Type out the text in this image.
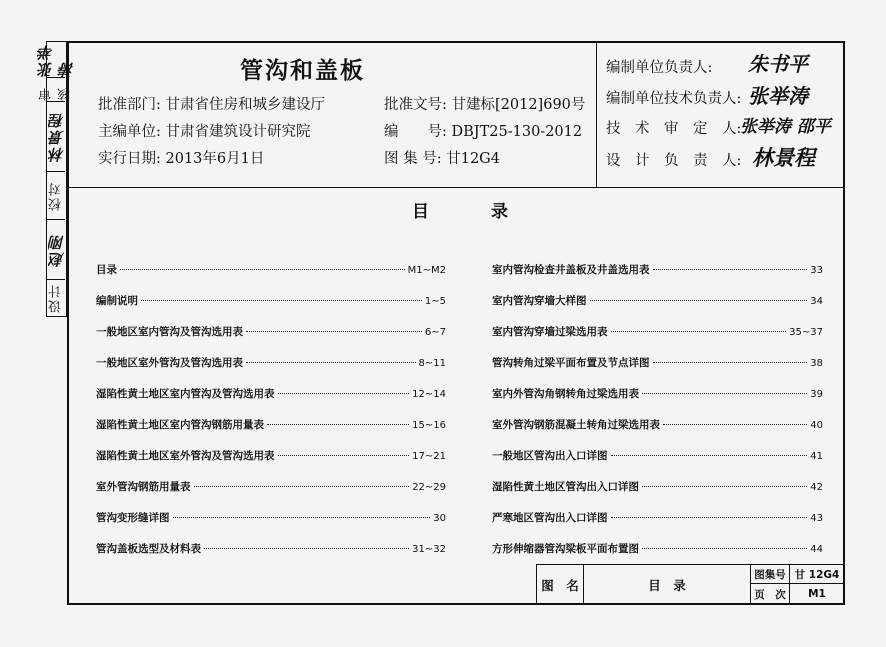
张举涛
审核
林景程
校对
赵刚
设计
管沟和盖板
批准部门: 甘肃省住房和城乡建设厅
主编单位: 甘肃省建筑设计研究院
实行日期: 2013年6月1日
批准文号: 甘建标[2012]690号
编　　号: DBJT25-130-2012
图 集 号: 甘12G4
编制单位负责人: 朱书平
编制单位技术负责人: 张举涛
技　术　审　定　人:
张举涛 邵平
设　计　负　责　人: 林景程
目录
目录	M1~M2
编制说明	1~5
一般地区室内管沟及管沟选用表	6~7
一般地区室外管沟及管沟选用表	8~11
湿陷性黄土地区室内管沟及管沟选用表	12~14
湿陷性黄土地区室内管沟钢筋用量表	15~16
湿陷性黄土地区室外管沟及管沟选用表	17~21
室外管沟钢筋用量表	22~29
管沟变形缝详图	30
管沟盖板选型及材料表	31~32
室内管沟检查井盖板及井盖选用表	33
室内管沟穿墙大样图	34
室内管沟穿墙过梁选用表	35~37
管沟转角过梁平面布置及节点详图	38
室内外管沟角钢转角过梁选用表	39
室外管沟钢筋混凝土转角过梁选用表	40
一般地区管沟出入口详图	41
湿陷性黄土地区管沟出入口详图	42
严寒地区管沟出入口详图	43
方形伸缩器管沟梁板平面布置图	44
图　名	目　录
图集号 甘 12G4
页　次	M1
